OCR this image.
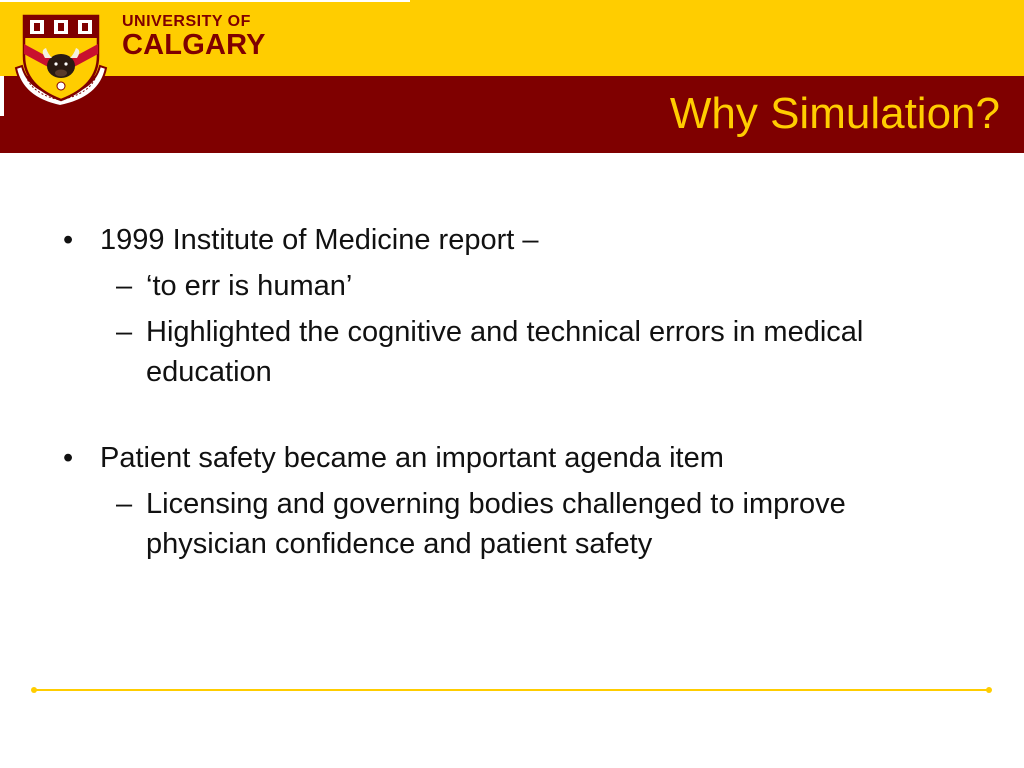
UNIVERSITY OF
CALGARY
Why Simulation?
• 1999 Institute of Medicine report –
– ‘to err is human’
– Highlighted the cognitive and technical errors in medical education
• Patient safety became an important agenda item
– Licensing and governing bodies challenged to improve physician confidence and patient safety
